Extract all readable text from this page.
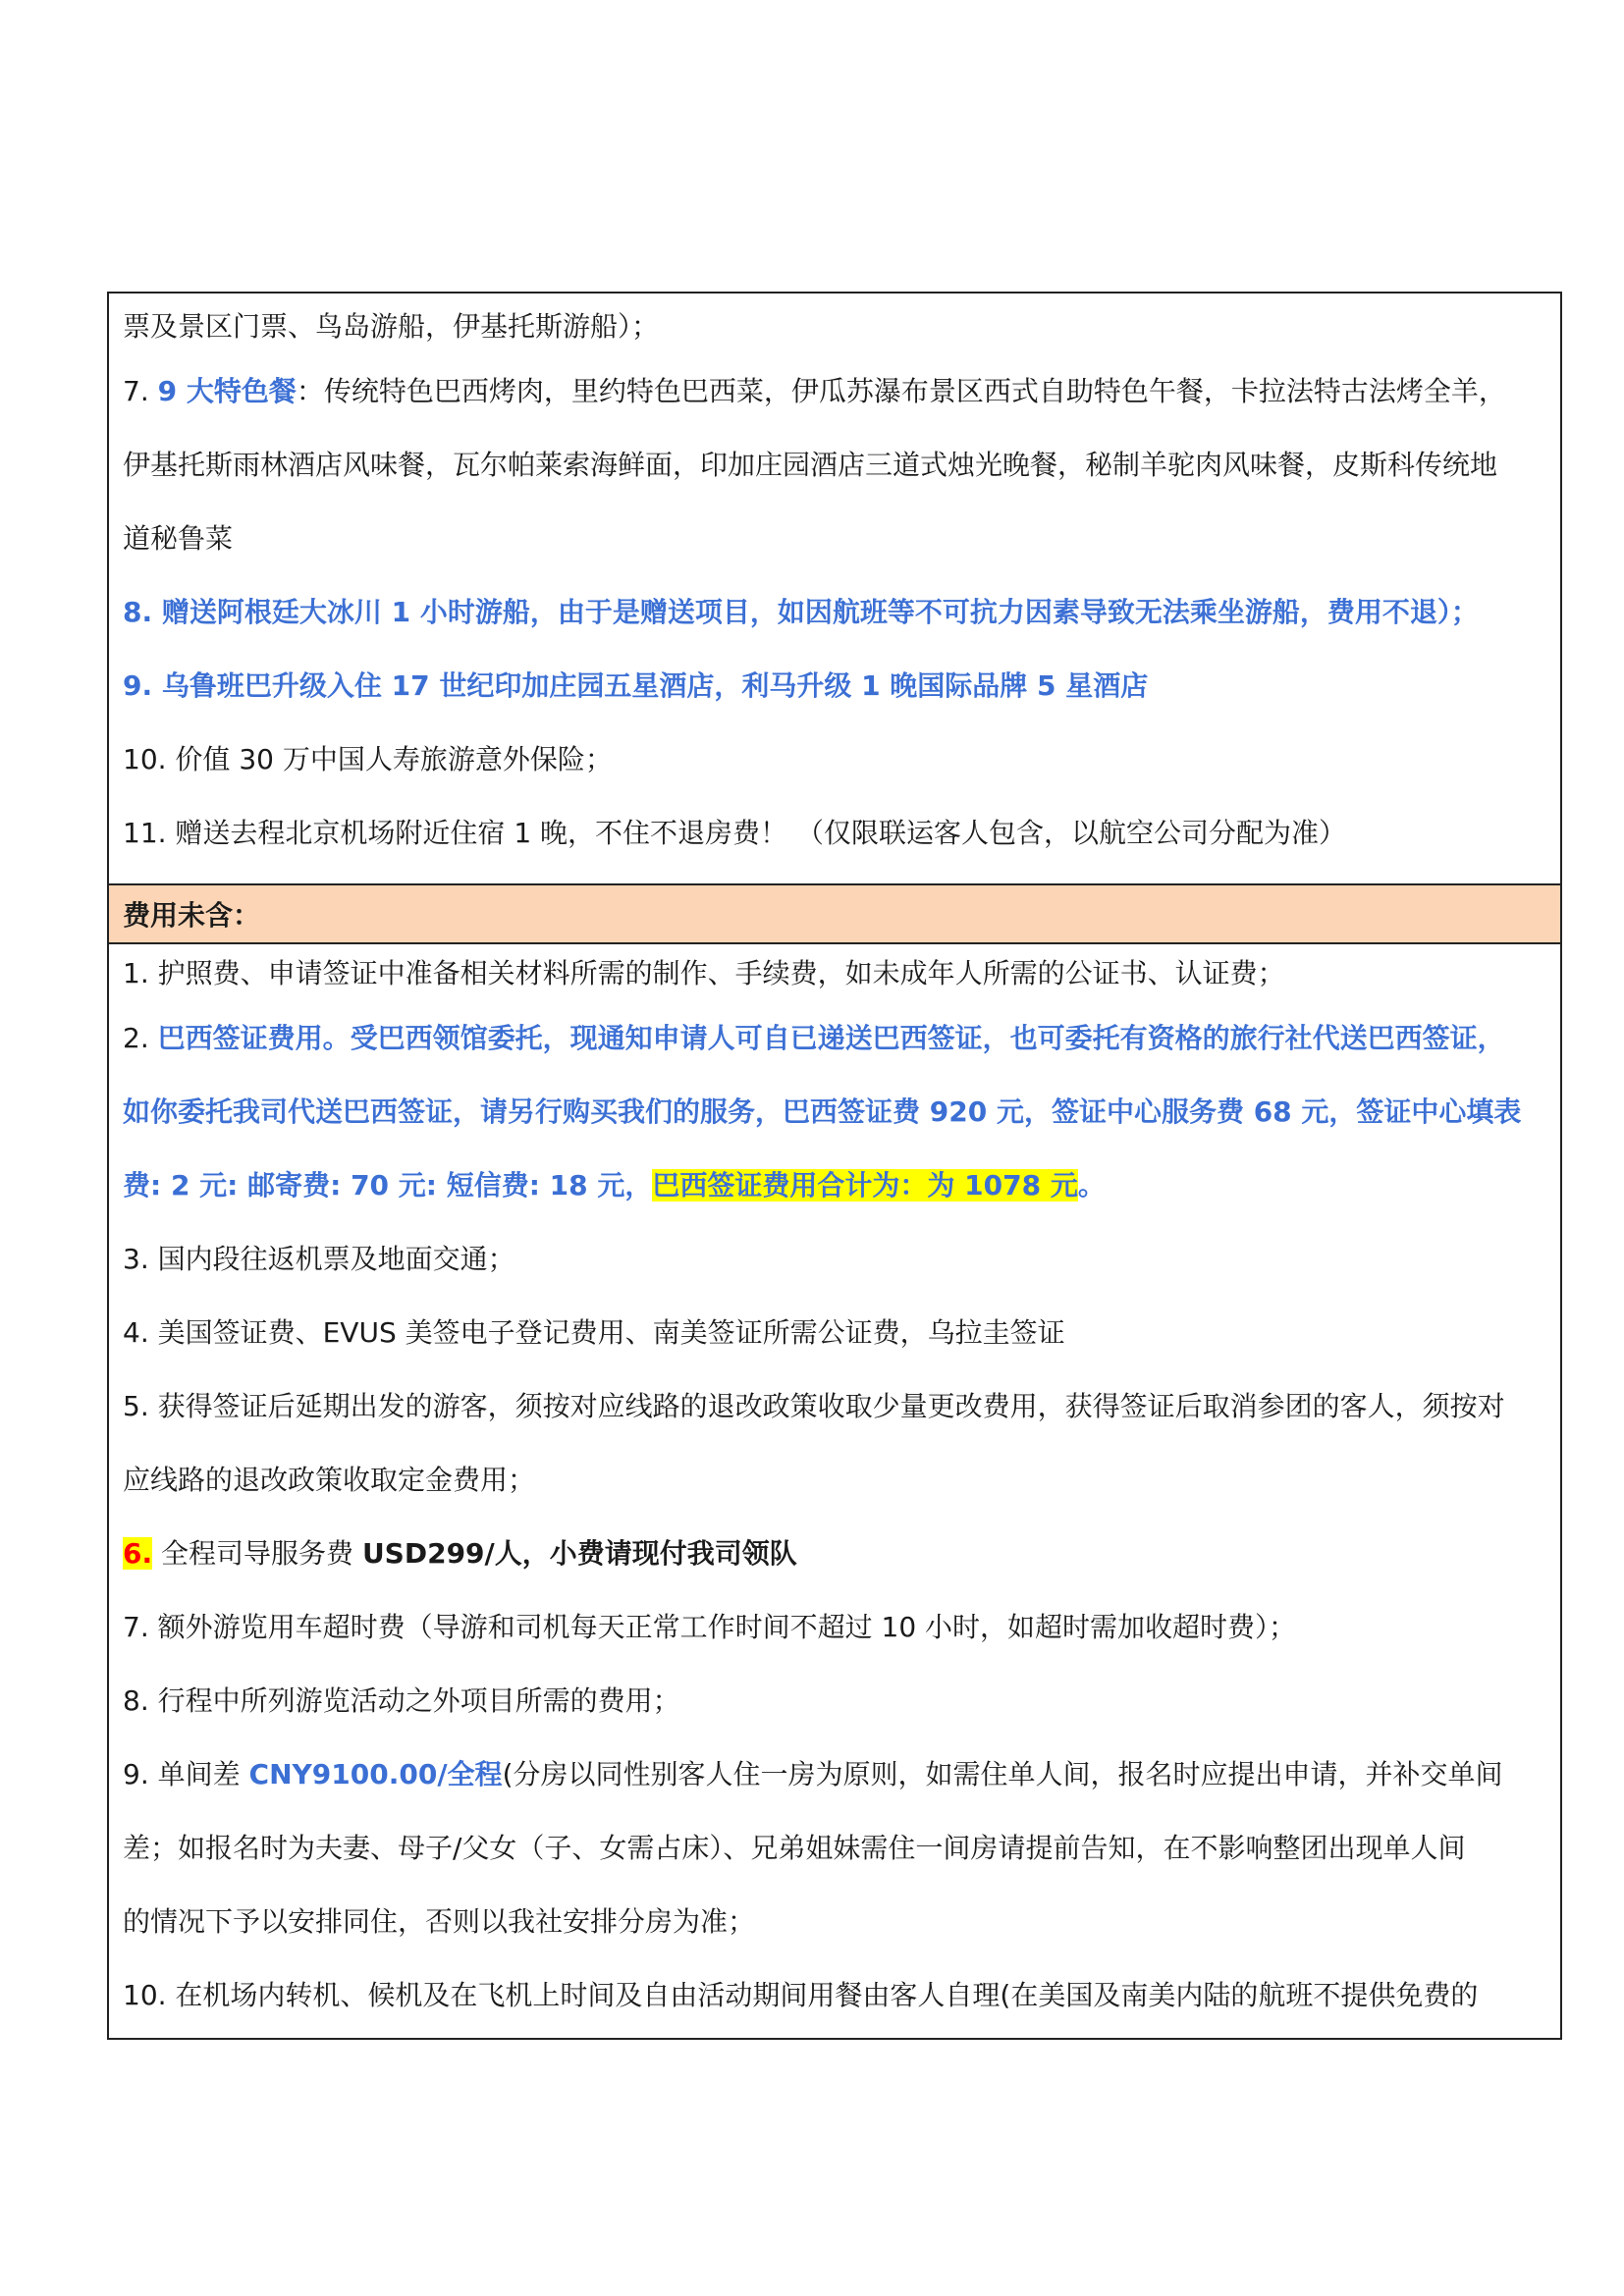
票及景区门票、鸟岛游船，伊基托斯游船）；
7. 9 大特色餐：传统特色巴西烤肉，里约特色巴西菜，伊瓜苏瀑布景区西式自助特色午餐，卡拉法特古法烤全羊，
伊基托斯雨林酒店风味餐，瓦尔帕莱索海鲜面，印加庄园酒店三道式烛光晚餐，秘制羊驼肉风味餐，皮斯科传统地
道秘鲁菜
8. 赠送阿根廷大冰川 1 小时游船，由于是赠送项目，如因航班等不可抗力因素导致无法乘坐游船，费用不退）；
9. 乌鲁班巴升级入住 17 世纪印加庄园五星酒店，利马升级 1 晚国际品牌 5 星酒店
10. 价值 30 万中国人寿旅游意外保险；
11. 赠送去程北京机场附近住宿 1 晚，不住不退房费！ （仅限联运客人包含，以航空公司分配为准）
费用未含：
1. 护照费、申请签证中准备相关材料所需的制作、手续费，如未成年人所需的公证书、认证费；
2. 巴西签证费用。受巴西领馆委托，现通知申请人可自已递送巴西签证，也可委托有资格的旅行社代送巴西签证，
如你委托我司代送巴西签证，请另行购买我们的服务，巴西签证费 920 元，签证中心服务费 68 元，签证中心填表
费: 2 元: 邮寄费: 70 元: 短信费: 18 元，巴西签证费用合计为：为 1078 元。
3. 国内段往返机票及地面交通；
4. 美国签证费、EVUS 美签电子登记费用、南美签证所需公证费，乌拉圭签证
5. 获得签证后延期出发的游客，须按对应线路的退改政策收取少量更改费用，获得签证后取消参团的客人，须按对
应线路的退改政策收取定金费用；
6. 全程司导服务费 USD299/人，小费请现付我司领队
7. 额外游览用车超时费（导游和司机每天正常工作时间不超过 10 小时，如超时需加收超时费）；
8. 行程中所列游览活动之外项目所需的费用；
9. 单间差 CNY9100.00/全程(分房以同性别客人住一房为原则，如需住单人间，报名时应提出申请，并补交单间
差；如报名时为夫妻、母子/父女（子、女需占床）、兄弟姐妹需住一间房请提前告知，在不影响整团出现单人间
的情况下予以安排同住，否则以我社安排分房为准；
10. 在机场内转机、候机及在飞机上时间及自由活动期间用餐由客人自理(在美国及南美内陆的航班不提供免费的
